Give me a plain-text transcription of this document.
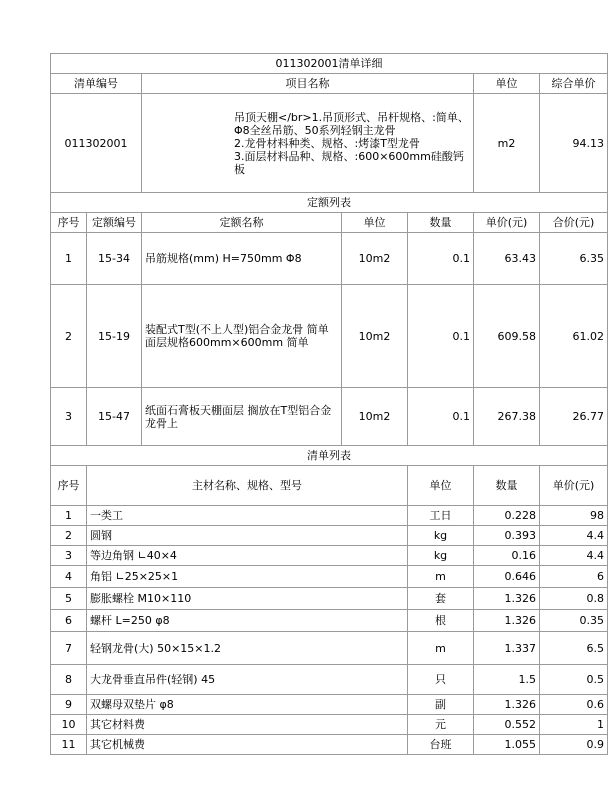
011302001清单详细							
清单编号		项目名称			单位	综合单价	
011302001		吊顶天棚</br>1.吊顶形式、吊杆规格、:简单、Φ8全丝吊筋、50系列轻钢主龙骨
2.龙骨材料种类、规格、:烤漆T型龙骨
3.面层材料品种、规格、:600×600mm硅酸钙板			m2	94.13	
定额列表							
序号	定额编号	定额名称	单位	数量	单价(元)	合价(元)	
1	15-34	吊筋规格(mm) H=750mm Φ8	10m2	0.1	63.43	6.35	
2	15-19	装配式T型(不上人型)铝合金龙骨 简单面层规格600mm×600mm 简单	10m2	0.1	609.58	61.02	
3	15-47	纸面石膏板天棚面层 搁放在T型铝合金龙骨上	10m2	0.1	267.38	26.77	
清单列表							
序号	主材名称、规格、型号			单位	数量	单价(元)	
1	一类工			工日	0.228	98	
2	圆钢			kg	0.393	4.4	
3	等边角钢 ∟40×4			kg	0.16	4.4	
4	角铝 ∟25×25×1			m	0.646	6	
5	膨胀螺栓 M10×110			套	1.326	0.8	
6	螺杆 L=250 φ8			根	1.326	0.35	
7	轻钢龙骨(大) 50×15×1.2			m	1.337	6.5	
8	大龙骨垂直吊件(轻钢) 45			只	1.5	0.5	
9	双螺母双垫片 φ8			副	1.326	0.6	
10	其它材料费			元	0.552	1	
11	其它机械费			台班	1.055	0.9	
